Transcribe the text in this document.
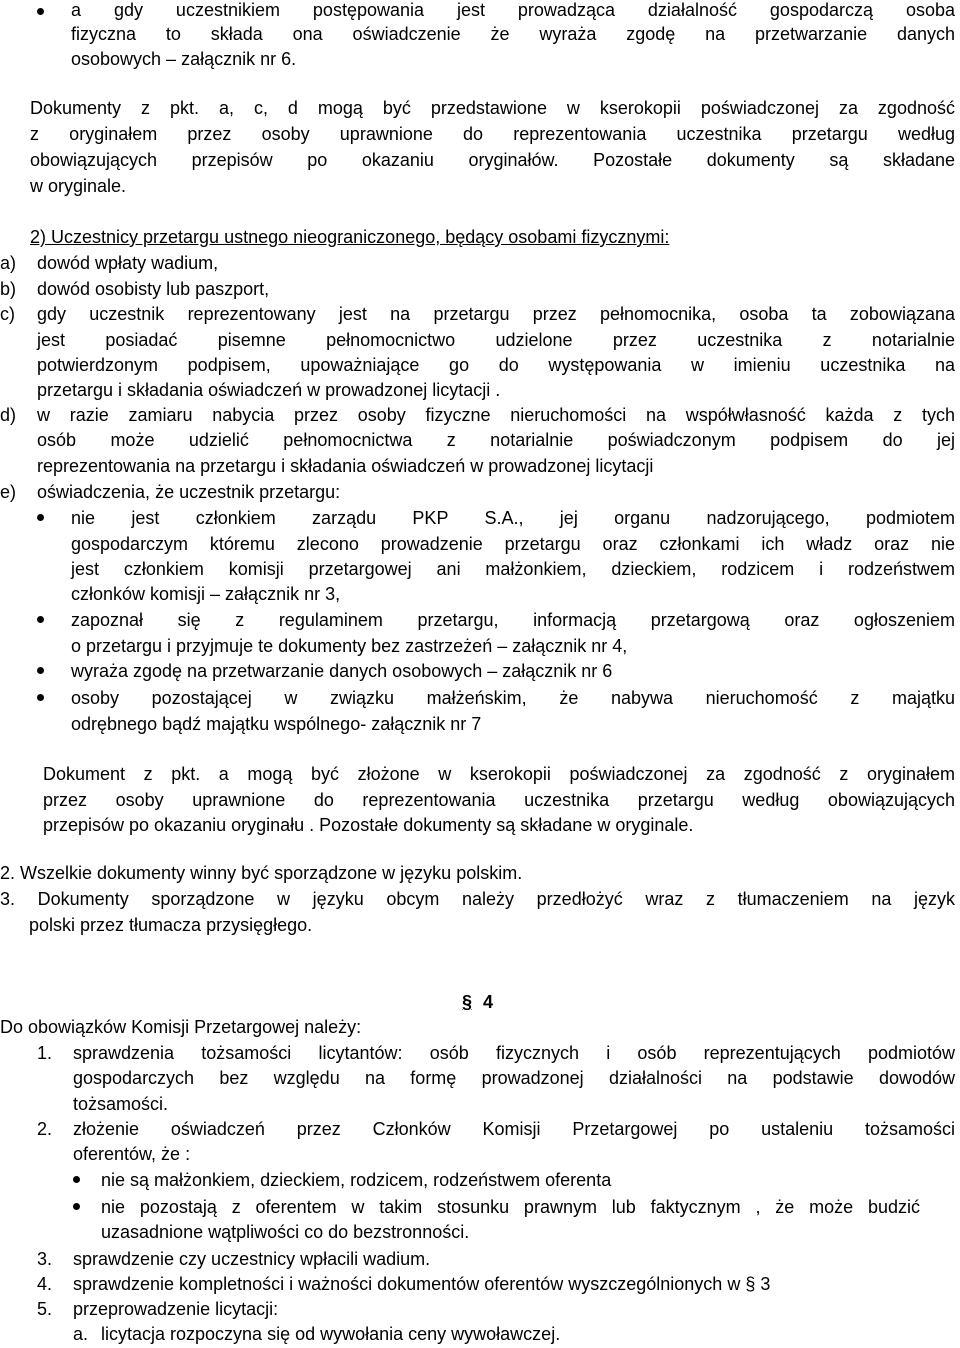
a gdy uczestnikiem postępowania jest prowadząca działalność gospodarczą osoba

fizyczna to składa ona oświadczenie że wyraża zgodę na przetwarzanie danych

osobowych – załącznik nr 6.

Dokumenty z pkt. a, c, d mogą być przedstawione w kserokopii poświadczonej za zgodność

z oryginałem przez osoby uprawnione do reprezentowania uczestnika przetargu według

obowiązujących przepisów po okazaniu oryginałów. Pozostałe dokumenty są składane

w oryginale.

2) Uczestnicy przetargu ustnego nieograniczonego, będący osobami fizycznymi:

a) dowód wpłaty wadium,

b) dowód osobisty lub paszport,

c) gdy uczestnik reprezentowany jest na przetargu przez pełnomocnika, osoba ta zobowiązana

jest posiadać pisemne pełnomocnictwo udzielone przez uczestnika z notarialnie

potwierdzonym podpisem, upoważniające go do występowania w imieniu uczestnika na

przetargu i składania oświadczeń w prowadzonej licytacji .

d) w razie zamiaru nabycia przez osoby fizyczne nieruchomości na współwłasność każda z tych

osób może udzielić pełnomocnictwa z notarialnie poświadczonym podpisem do jej

reprezentowania na przetargu i składania oświadczeń w prowadzonej licytacji

e) oświadczenia, że uczestnik przetargu:

nie jest członkiem zarządu PKP S.A., jej organu nadzorującego, podmiotem

gospodarczym któremu zlecono prowadzenie przetargu oraz członkami ich władz oraz nie

jest członkiem komisji przetargowej ani małżonkiem, dzieckiem, rodzicem i rodzeństwem

członków komisji – załącznik nr 3,

zapoznał się z regulaminem przetargu, informacją przetargową oraz ogłoszeniem

o przetargu i przyjmuje te dokumenty bez zastrzeżeń – załącznik nr 4,

wyraża zgodę na przetwarzanie danych osobowych – załącznik nr 6

osoby pozostającej w związku małżeńskim, że nabywa nieruchomość z majątku

odrębnego bądź majątku wspólnego- załącznik nr 7

Dokument z pkt. a mogą być złożone w kserokopii poświadczonej za zgodność z oryginałem

przez osoby uprawnione do reprezentowania uczestnika przetargu według obowiązujących

przepisów po okazaniu oryginału . Pozostałe dokumenty są składane w oryginale.

2. Wszelkie dokumenty winny być sporządzone w języku polskim.

3. Dokumenty sporządzone w języku obcym należy przedłożyć wraz z tłumaczeniem na język

polski przez tłumacza przysięgłego.

§ 4

Do obowiązków Komisji Przetargowej należy:

1. sprawdzenia tożsamości licytantów: osób fizycznych i osób reprezentujących podmiotów

gospodarczych bez względu na formę prowadzonej działalności na podstawie dowodów

tożsamości.

2. złożenie oświadczeń przez Członków Komisji Przetargowej po ustaleniu tożsamości

oferentów, że :

nie są małżonkiem, dzieckiem, rodzicem, rodzeństwem oferenta

nie pozostają z oferentem w takim stosunku prawnym lub faktycznym , że może budzić

uzasadnione wątpliwości co do bezstronności.

3. sprawdzenie czy uczestnicy wpłacili wadium.

4. sprawdzenie kompletności i ważności dokumentów oferentów wyszczególnionych w § 3

5. przeprowadzenie licytacji:

a. licytacja rozpoczyna się od wywołania ceny wywoławczej.
